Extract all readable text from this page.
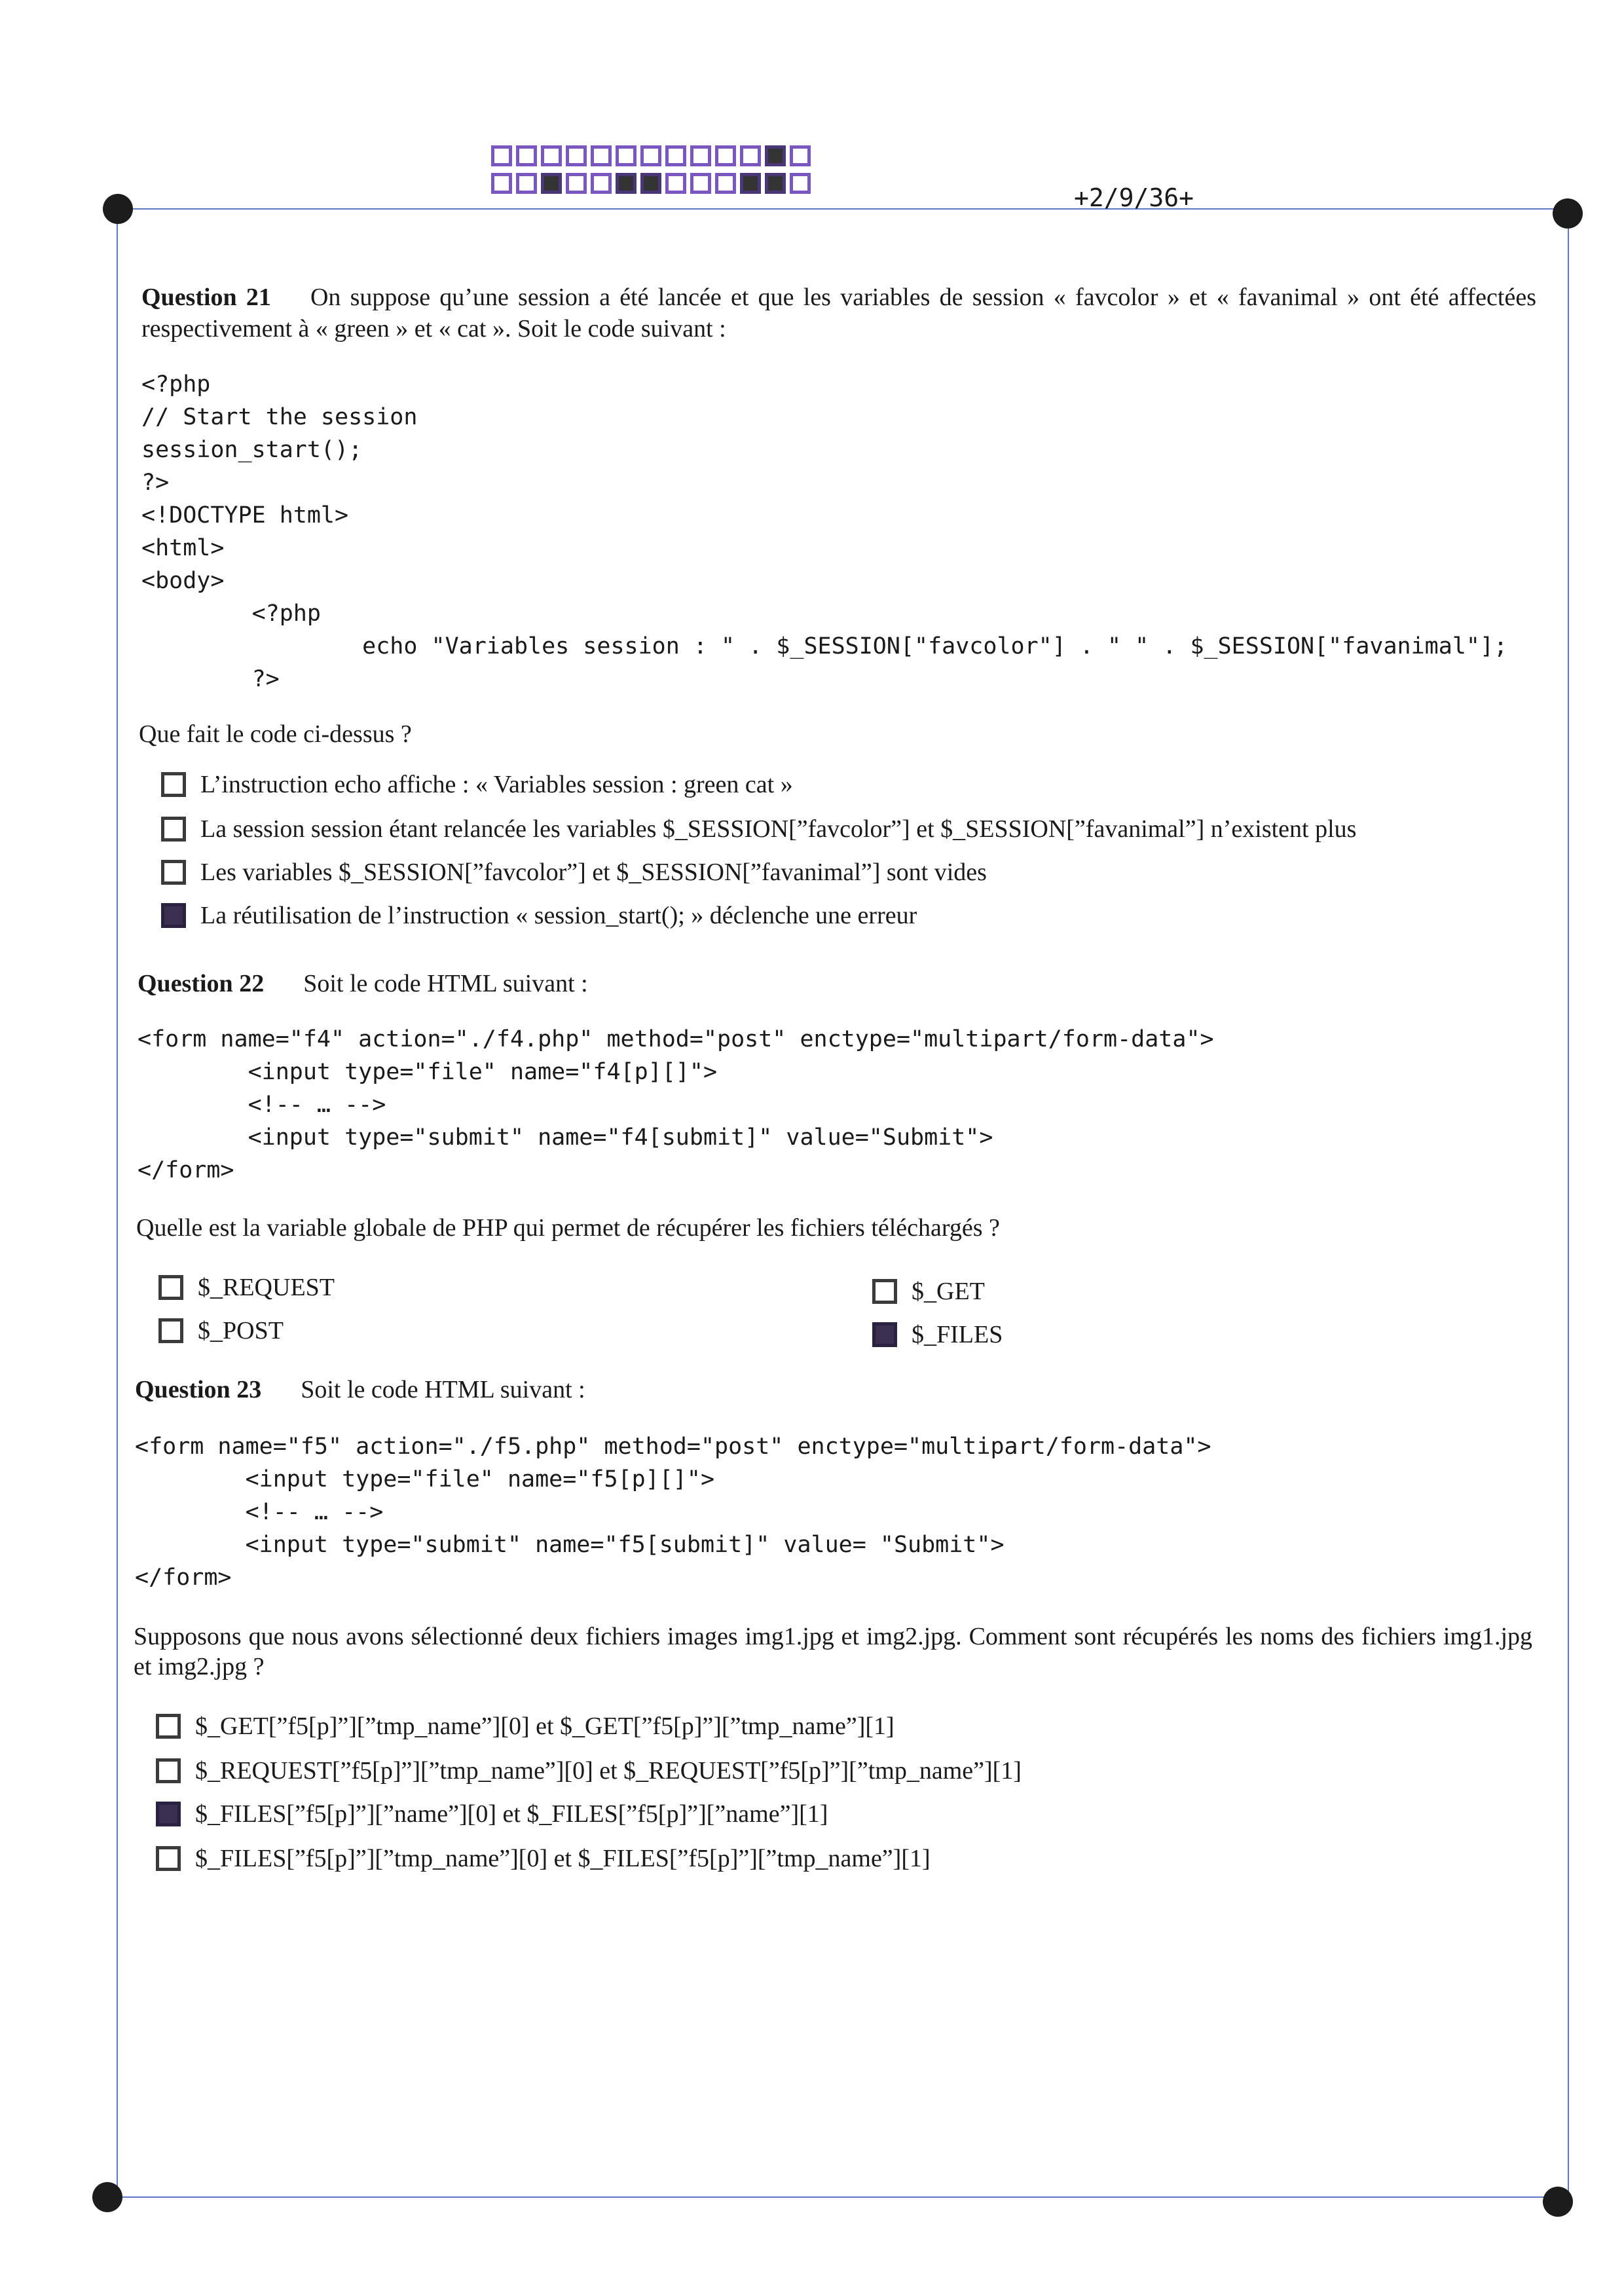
+2/9/36+
Question 21 On suppose qu’une session a été lancée et que les variables de session « favcolor » et « favanimal » ont été affectées respectivement à « green » et « cat ». Soit le code suivant :
<?php
// Start the session
session_start();
?>
<!DOCTYPE html>
<html>
<body>
<?php
echo "Variables session : " . $_SESSION["favcolor"] . " " . $_SESSION["favanimal"];
?>
Que fait le code ci-dessus ?
L’instruction echo affiche : « Variables session : green cat »
La session session étant relancée les variables $_SESSION[”favcolor”] et $_SESSION[”favanimal”] n’existent plus
Les variables $_SESSION[”favcolor”] et $_SESSION[”favanimal”] sont vides
La réutilisation de l’instruction « session_start(); » déclenche une erreur
Question 22 Soit le code HTML suivant :
<form name="f4" action="./f4.php" method="post" enctype="multipart/form-data">
<input type="file" name="f4[p][]">
<!-- … -->
<input type="submit" name="f4[submit]" value="Submit">
</form>
Quelle est la variable globale de PHP qui permet de récupérer les fichiers téléchargés ?
$_REQUEST
$_POST
$_GET
$_FILES
Question 23 Soit le code HTML suivant :
<form name="f5" action="./f5.php" method="post" enctype="multipart/form-data">
<input type="file" name="f5[p][]">
<!-- … -->
<input type="submit" name="f5[submit]" value= "Submit">
</form>
Supposons que nous avons sélectionné deux fichiers images img1.jpg et img2.jpg. Comment sont récupérés les noms des fichiers img1.jpg et img2.jpg ?
$_GET[”f5[p]”][”tmp_name”][0] et $_GET[”f5[p]”][”tmp_name”][1]
$_REQUEST[”f5[p]”][”tmp_name”][0] et $_REQUEST[”f5[p]”][”tmp_name”][1]
$_FILES[”f5[p]”][”name”][0] et $_FILES[”f5[p]”][”name”][1]
$_FILES[”f5[p]”][”tmp_name”][0] et $_FILES[”f5[p]”][”tmp_name”][1]
